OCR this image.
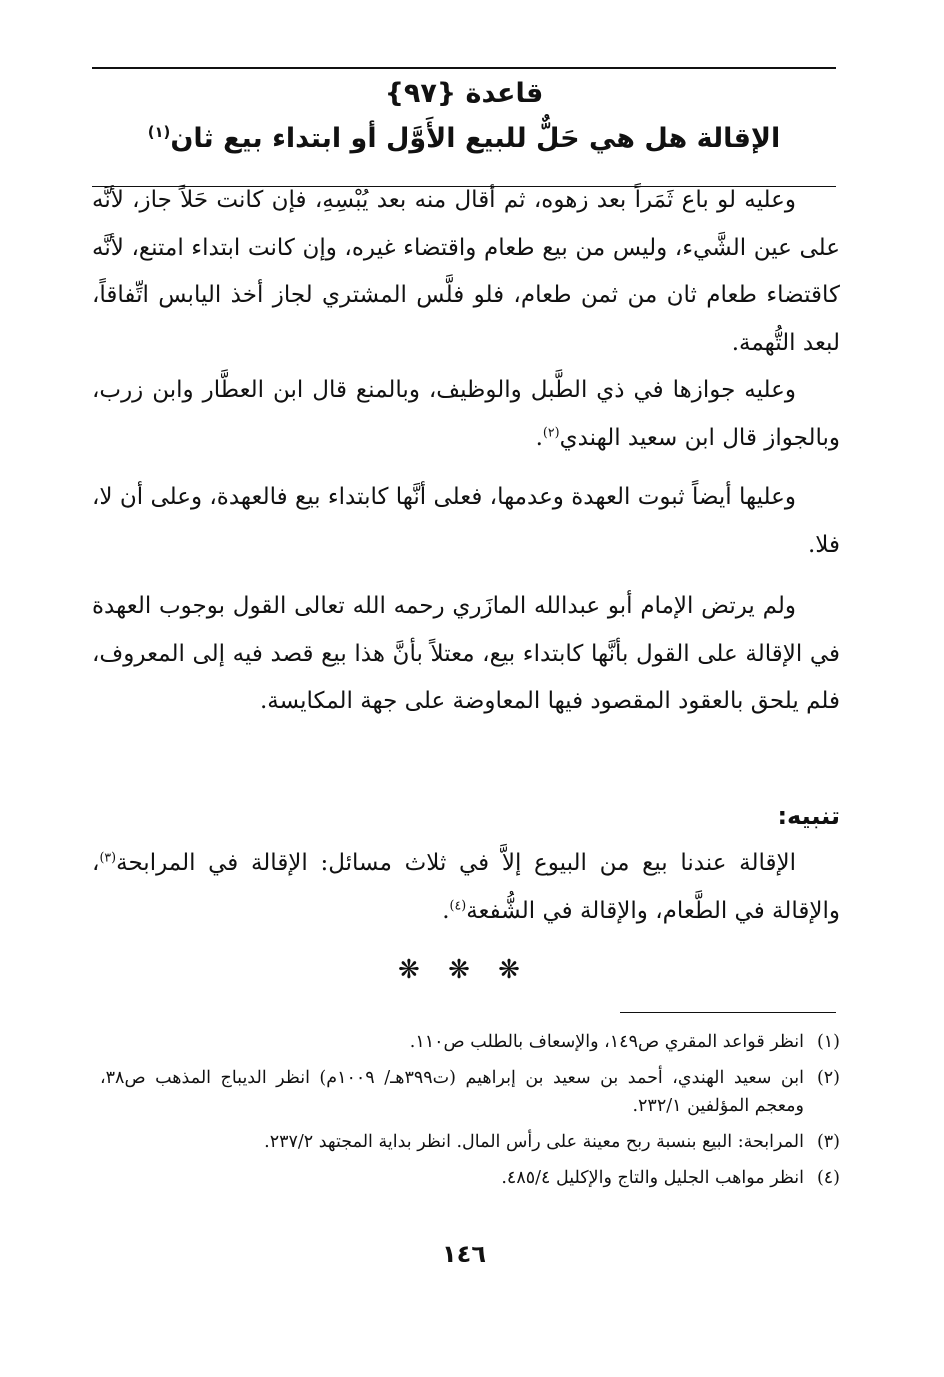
قاعدة {٩٧}
الإقالة هل هي حَلٌّ للبيع الأَوَّل أو ابتداء بيع ثان$^{(١)}$

وعليه لو باع ثَمَراً بعد زهوه، ثم أقال منه بعد يُبْسِهِ، فإن كانت حَلاً جاز، لأنَّه على عين الشَّيء، وليس من بيع طعام واقتضاء غيره، وإن كانت ابتداء امتنع، لأنَّه كاقتضاء طعام ثان من ثمن طعام، فلو فلَّس المشتري لجاز أخذ اليابس اتِّفاقاً، لبعد التُّهمة.

وعليه جوازها في ذي الطَّبل والوظيف، وبالمنع قال ابن العطَّار وابن زرب، وبالجواز قال ابن سعيد الهندي$^{(٢)}$.

وعليها أيضاً ثبوت العهدة وعدمها، فعلى أنَّها كابتداء بيع فالعهدة، وعلى أن لا، فلا.

ولم يرتض الإمام أبو عبدالله المازَري رحمه الله تعالى القول بوجوب العهدة في الإقالة على القول بأنَّها كابتداء بيع، معتلاً بأنَّ هذا بيع قصد فيه إلى المعروف، فلم يلحق بالعقود المقصود فيها المعاوضة على جهة المكايسة.

تنبيه:

الإقالة عندنا بيع من البيوع إلاَّ في ثلاث مسائل: الإقالة في المرابحة$^{(٣)}$، والإقالة في الطَّعام، والإقالة في الشُّفعة$^{(٤)}$.

❋ ❋ ❋
(١)
انظر قواعد المقري ص١٤٩، والإسعاف بالطلب ص١١٠.
(٢)
ابن سعيد الهندي، أحمد بن سعيد بن إبراهيم (ت٣٩٩هـ/ ١٠٠٩م) انظر الديباج المذهب ص٣٨، ومعجم المؤلفين ٢٣٢/١.
(٣)
المرابحة: البيع بنسبة ربح معينة على رأس المال. انظر بداية المجتهد ٢٣٧/٢.
(٤)
انظر مواهب الجليل والتاج والإكليل ٤٨٥/٤.
١٤٦
